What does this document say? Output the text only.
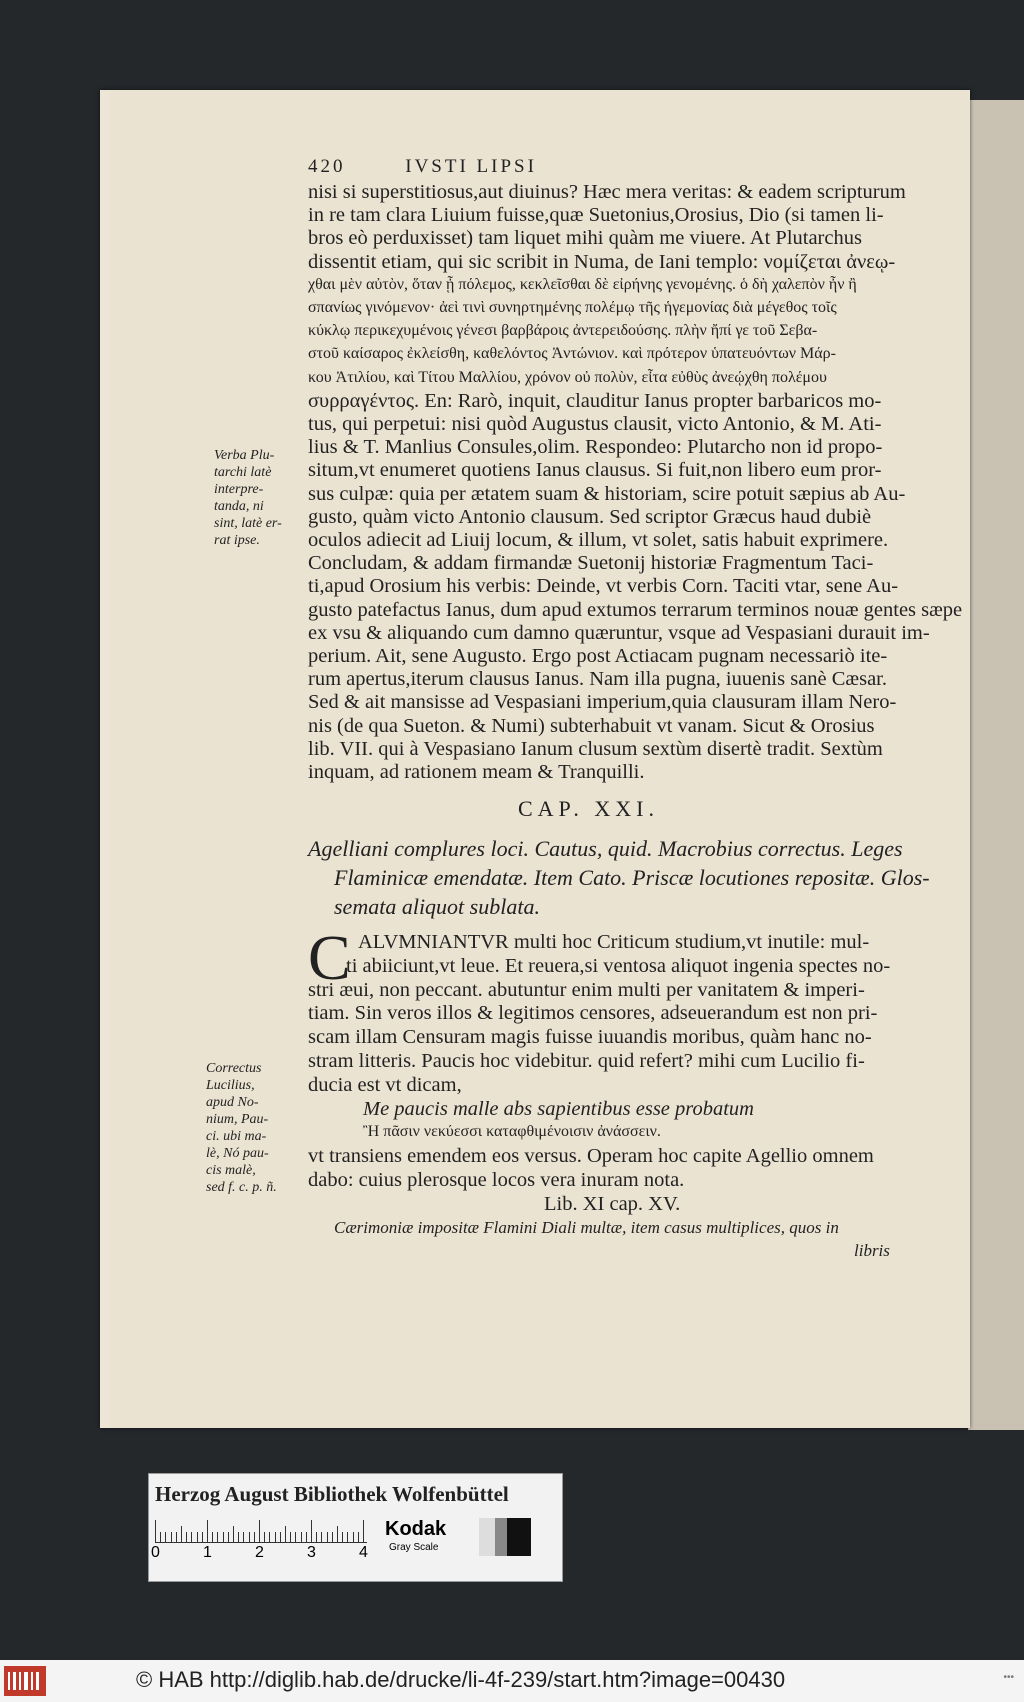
420	IVSTI LIPSI
nisi si superstitiosus,aut diuinus? Hæc mera veritas: & eadem scripturum
in re tam clara Liuium fuisse,quæ Suetonius,Orosius, Dio (si tamen li-
bros eò perduxisset) tam liquet mihi quàm me viuere. At Plutarchus
dissentit etiam, qui sic scribit in Numa, de Iani templo: νομίζεται ἀνεῳ-
χθαι μὲν αὐτὸν, ὅταν ᾖ πόλεμος, κεκλεῖσθαι δὲ εἰρήνης γενομένης. ὁ δὴ χαλεπὸν ἦν ἢ
σπανίως γινόμενον· ἀεὶ τινὶ συνηρτημένης πολέμῳ τῆς ἡγεμονίας διὰ μέγεθος τοῖς
κύκλῳ περικεχυμένοις γένεσι βαρβάροις ἀντερειδούσης. πλὴν ἤπί γε τοῦ Σεβα-
στοῦ καίσαρος ἐκλείσθη, καθελόντος Ἀντώνιον. καὶ πρότερον ὑπατευόντων Μάρ-
κου Ἀτιλίου, καὶ Τίτου Μαλλίου, χρόνον οὐ πολὺν, εἶτα εὐθὺς ἀνεῴχθη πολέμου
συρραγέντος. En: Rarò, inquit, clauditur Ianus propter barbaricos mo-
tus, qui perpetui: nisi quòd Augustus clausit, victo Antonio, & M. Ati-
lius & T. Manlius Consules,olim. Respondeo: Plutarcho non id propo-
situm,vt enumeret quotiens Ianus clausus. Si fuit,non libero eum pror-
sus culpæ: quia per ætatem suam & historiam, scire potuit sæpius ab Au-
gusto, quàm victo Antonio clausum. Sed scriptor Græcus haud dubiè
oculos adiecit ad Liuij locum, & illum, vt solet, satis habuit exprimere.
Concludam, & addam firmandæ Suetonij historiæ Fragmentum Taci-
ti,apud Orosium his verbis: Deinde, vt verbis Corn. Taciti vtar, sene Au-
gusto patefactus Ianus, dum apud extumos terrarum terminos nouæ gentes sæpe
ex vsu & aliquando cum damno quæruntur, vsque ad Vespasiani durauit im-
perium. Ait, sene Augusto. Ergo post Actiacam pugnam necessariò ite-
rum apertus,iterum clausus Ianus. Nam illa pugna, iuuenis sanè Cæsar.
Sed & ait mansisse ad Vespasiani imperium,quia clausuram illam Nero-
nis (de qua Sueton. & Numi) subterhabuit vt vanam. Sicut & Orosius
lib. VII. qui à Vespasiano Ianum clusum sextùm disertè tradit. Sextùm
inquam, ad rationem meam & Tranquilli.
Verba Plu-
tarchi latè
interpre-
tanda, ni
sint, latè er-
rat ipse.
CAP. XXI.
Agelliani complures loci. Cautus, quid. Macrobius correctus. Leges
Flaminicæ emendatæ. Item Cato. Priscæ locutiones repositæ. Glos-
semata aliquot sublata.
C ALVMNIANTVR multi hoc Criticum studium,vt inutile: mul-
ti abiiciunt,vt leue. Et reuera,si ventosa aliquot ingenia spectes no-
stri æui, non peccant. abutuntur enim multi per vanitatem & imperi-
tiam. Sin veros illos & legitimos censores, adseuerandum est non pri-
scam illam Censuram magis fuisse iuuandis moribus, quàm hanc no-
stram litteris. Paucis hoc videbitur. quid refert? mihi cum Lucilio fi-
ducia est vt dicam,
Me paucis malle abs sapientibus esse probatum
Ἢ πᾶσιν νεκύεσσι καταφθιμένοισιν ἀνάσσειν.
vt transiens emendem eos versus. Operam hoc capite Agellio omnem
dabo: cuius plerosque locos vera inuram nota.
Lib. XI cap. XV.
Cærimoniæ impositæ Flamini Diali multæ, item casus multiplices, quos in
libris
Correctus
Lucilius,
apud No-
nium, Pau-
ci. ubi ma-
lè, Nó pau-
cis malè,
sed f. c. p. ñ.
Herzog August Bibliothek Wolfenbüttel
0	1	2	3	4
Kodak
Gray Scale
© HAB http://diglib.hab.de/drucke/li-4f-239/start.htm?image=00430	•••
